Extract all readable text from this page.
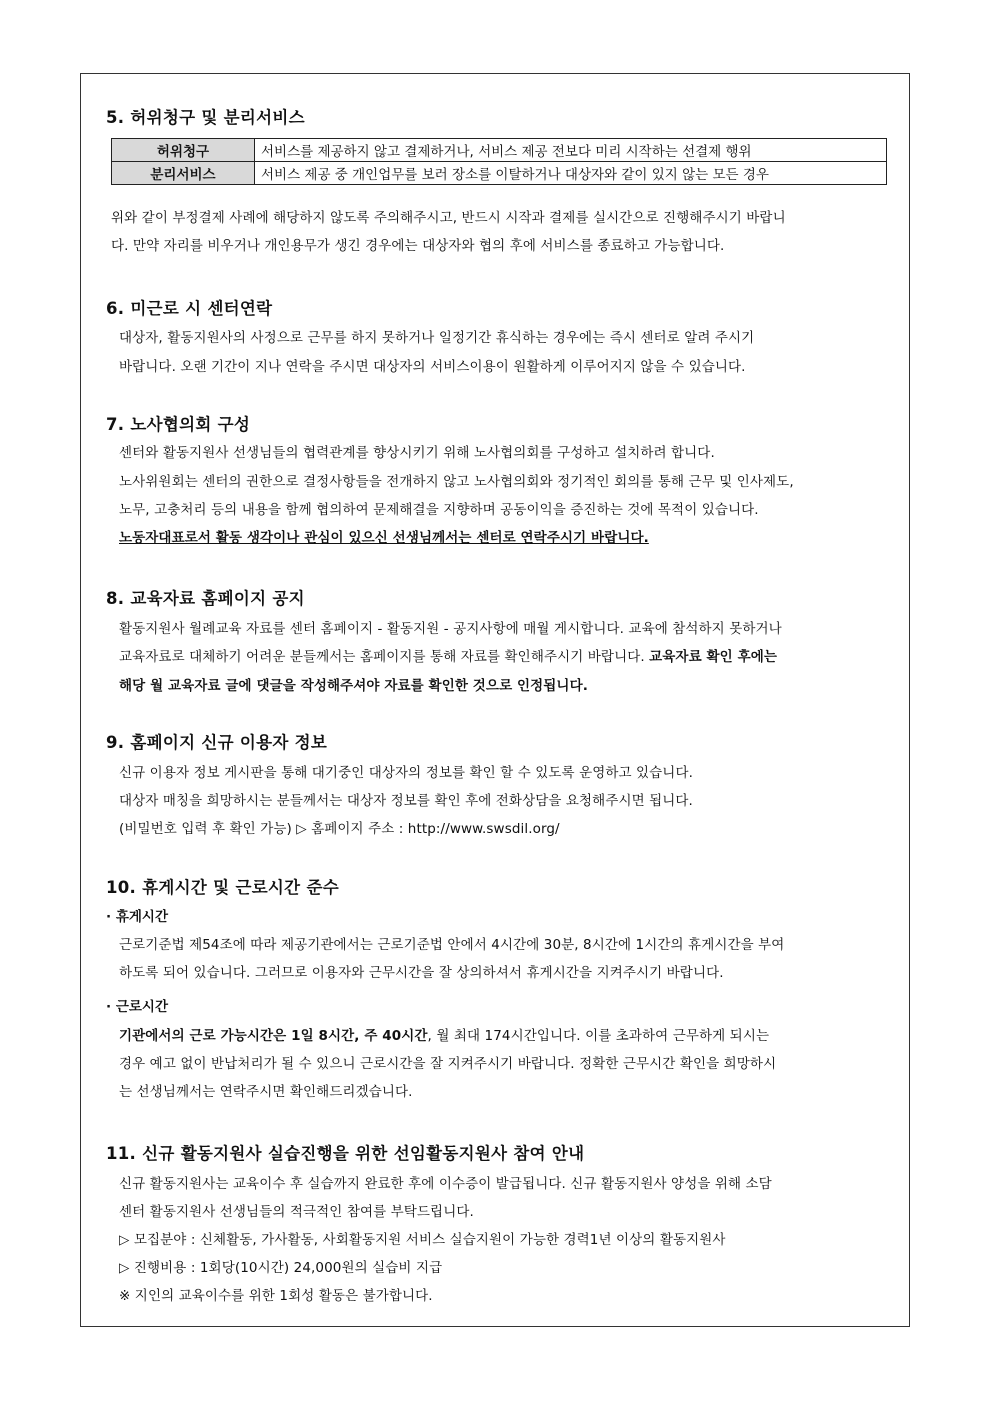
5. 허위청구 및 분리서비스
허위청구	서비스를 제공하지 않고 결제하거나, 서비스 제공 전보다 미리 시작하는 선결제 행위
분리서비스	서비스 제공 중 개인업무를 보러 장소를 이탈하거나 대상자와 같이 있지 않는 모든 경우
위와 같이 부정결제 사례에 해당하지 않도록 주의해주시고, 반드시 시작과 결제를 실시간으로 진행해주시기 바랍니
다. 만약 자리를 비우거나 개인용무가 생긴 경우에는 대상자와 협의 후에 서비스를 종료하고 가능합니다.
6. 미근로 시 센터연락
대상자, 활동지원사의 사정으로 근무를 하지 못하거나 일정기간 휴식하는 경우에는 즉시 센터로 알려 주시기
바랍니다. 오랜 기간이 지나 연락을 주시면 대상자의 서비스이용이 원활하게 이루어지지 않을 수 있습니다.
7. 노사협의회 구성
센터와 활동지원사 선생님들의 협력관계를 향상시키기 위해 노사협의회를 구성하고 설치하려 합니다.
노사위원회는 센터의 권한으로 결정사항들을 전개하지 않고 노사협의회와 정기적인 회의를 통해 근무 및 인사제도,
노무, 고충처리 등의 내용을 함께 협의하여 문제해결을 지향하며 공동이익을 증진하는 것에 목적이 있습니다.
노동자대표로서 활동 생각이나 관심이 있으신 선생님께서는 센터로 연락주시기 바랍니다.
8. 교육자료 홈페이지 공지
활동지원사 월례교육 자료를 센터 홈페이지 - 활동지원 - 공지사항에 매월 게시합니다. 교육에 참석하지 못하거나
교육자료로 대체하기 어려운 분들께서는 홈페이지를 통해 자료를 확인해주시기 바랍니다. 교육자료 확인 후에는
해당 월 교육자료 글에 댓글을 작성해주셔야 자료를 확인한 것으로 인정됩니다.
9. 홈페이지 신규 이용자 정보
신규 이용자 정보 게시판을 통해 대기중인 대상자의 정보를 확인 할 수 있도록 운영하고 있습니다.
대상자 매칭을 희망하시는 분들께서는 대상자 정보를 확인 후에 전화상담을 요청해주시면 됩니다.
(비밀번호 입력 후 확인 가능) ▷ 홈페이지 주소 : http://www.swsdil.org/
10. 휴게시간 및 근로시간 준수
· 휴게시간
근로기준법 제54조에 따라 제공기관에서는 근로기준법 안에서 4시간에 30분, 8시간에 1시간의 휴게시간을 부여
하도록 되어 있습니다. 그러므로 이용자와 근무시간을 잘 상의하셔서 휴게시간을 지켜주시기 바랍니다.
· 근로시간
기관에서의 근로 가능시간은 1일 8시간, 주 40시간, 월 최대 174시간입니다. 이를 초과하여 근무하게 되시는
경우 예고 없이 반납처리가 될 수 있으니 근로시간을 잘 지켜주시기 바랍니다. 정확한 근무시간 확인을 희망하시
는 선생님께서는 연락주시면 확인해드리겠습니다.
11. 신규 활동지원사 실습진행을 위한 선임활동지원사 참여 안내
신규 활동지원사는 교육이수 후 실습까지 완료한 후에 이수증이 발급됩니다. 신규 활동지원사 양성을 위해 소담
센터 활동지원사 선생님들의 적극적인 참여를 부탁드립니다.
▷ 모집분야 : 신체활동, 가사활동, 사회활동지원 서비스 실습지원이 가능한 경력1년 이상의 활동지원사
▷ 진행비용 : 1회당(10시간) 24,000원의 실습비 지급
※ 지인의 교육이수를 위한 1회성 활동은 불가합니다.
